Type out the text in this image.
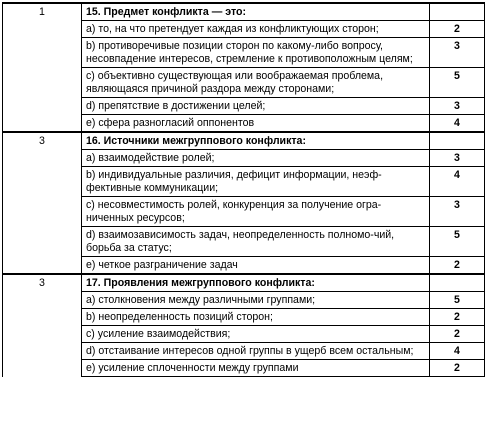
1	15. Предмет конфликта — это:	
	а) то, на что претендует каждая из конфликтующих сторон;	2
	b) противоречивые позиции сторон по какому-либо вопросу, несовпадение интересов, стремление к противоположным целям;	3
	с) объективно существующая или воображаемая проблема, являющаяся причиной раздора между сторонами;	5
	d) препятствие в достижении целей;	3
	е) сфера разногласий оппонентов	4
3	16. Источники межгруппового конфликта:	
	а) взаимодействие ролей;	3
	b) индивидуальные различия, дефицит информации, неэф-фективные коммуникации;	4
	с) несовместимость ролей, конкуренция за получение огра-ниченных ресурсов;	3
	d) взаимозависимость задач, неопределенность полномо-чий, борьба за статус;	5
	е) четкое разграничение задач	2
3	17. Проявления межгруппового конфликта:	
	а) столкновения между различными группами;	5
	b) неопределенность позиций сторон;	2
	с) усиление взаимодействия;	2
	d) отстаивание интересов одной группы в ущерб всем остальным;	4
	е) усиление сплоченности между группами	2
